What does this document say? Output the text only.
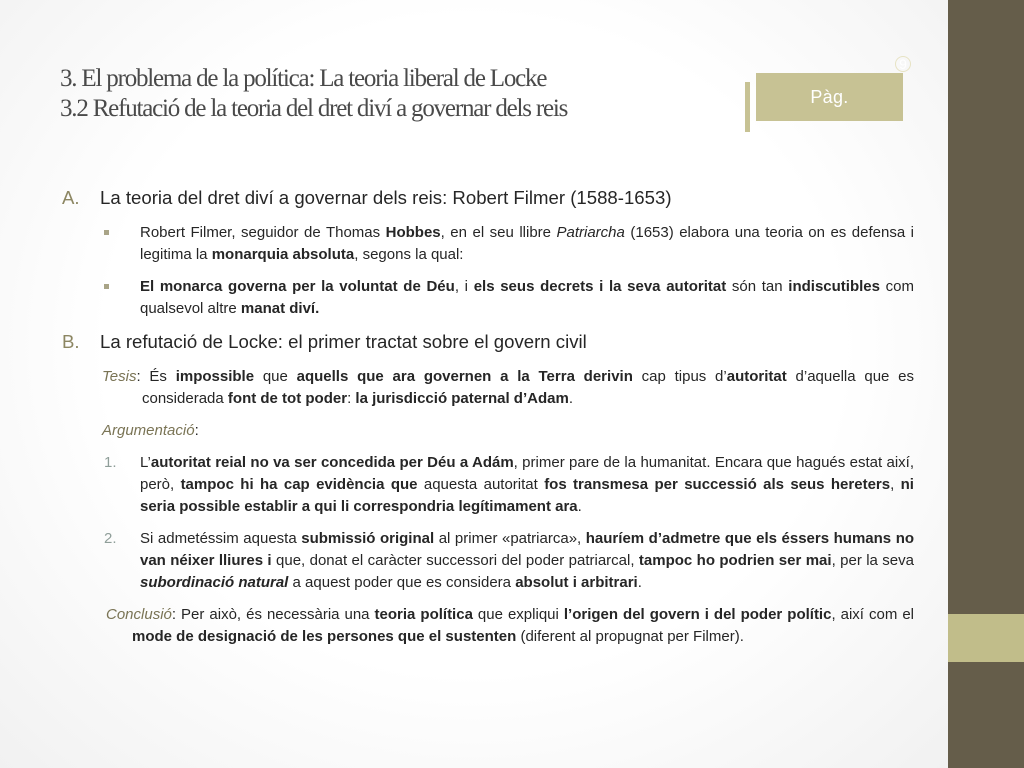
3. El problema de la política: La teoria liberal de Locke
3.2 Refutació de la teoria del dret diví a governar dels reis	Pàg.
9
A.	La teoria del dret diví a governar dels reis: Robert Filmer (1588-1653)
Robert Filmer, seguidor de Thomas Hobbes, en el seu llibre Patriarcha (1653) elabora una teoria on es defensa i legitima la monarquia absoluta, segons la qual:
El monarca governa per la voluntat de Déu, i els seus decrets i la seva autoritat són tan indiscutibles com qualsevol altre manat diví.
B.	La refutació de Locke: el primer tractat sobre el govern civil
Tesis: És impossible que aquells que ara governen a la Terra derivin cap tipus d’autoritat d’aquella que es considerada font de tot poder: la jurisdicció paternal d’Adam.
Argumentació:
1.	L’autoritat reial no va ser concedida per Déu a Adám, primer pare de la humanitat. Encara que hagués estat així, però, tampoc hi ha cap evidència que aquesta autoritat fos transmesa per successió als seus hereters, ni seria possible establir a qui li correspondria legítimament ara.
2.	Si admetéssim aquesta submissió original al primer «patriarca», hauríem d’admetre que els éssers humans no van néixer lliures i que, donat el caràcter successori del poder patriarcal, tampoc ho podrien ser mai, per la seva subordinació natural a aquest poder que es considera absolut i arbitrari.
Conclusió: Per això, és necessària una teoria política que expliqui l’origen del govern i del poder polític, així com el mode de designació de les persones que el sustenten (diferent al propugnat per Filmer).
